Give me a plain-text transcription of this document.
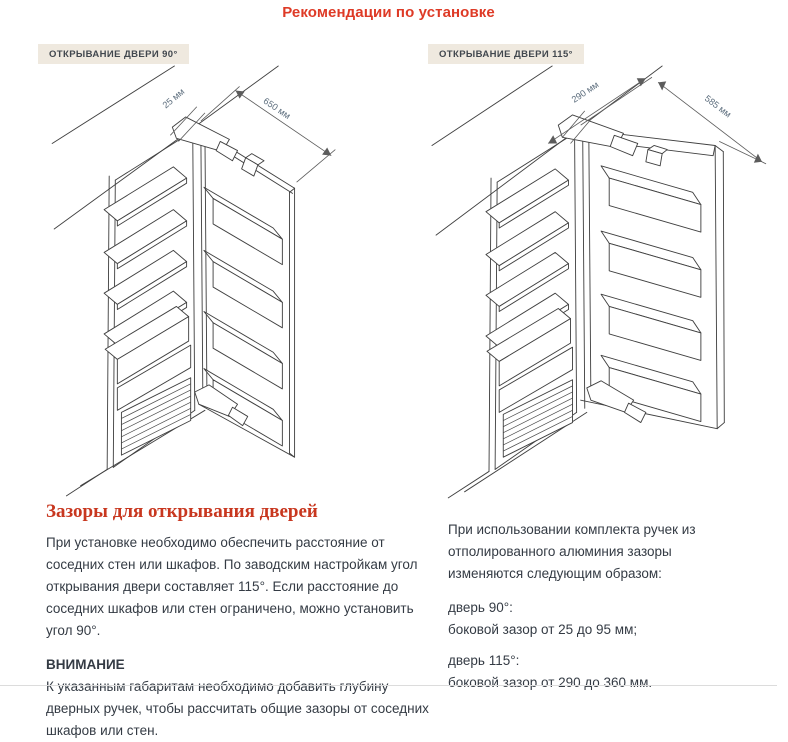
Рекомендации по установке
ОТКРЫВАНИЕ ДВЕРИ 90°	ОТКРЫВАНИЕ ДВЕРИ 115°
25 мм	650 мм
290 мм
585 мм
Зазоры для открывания дверей

При установке необходимо обеспечить расстояние от соседних стен или шкафов. По заводским настройкам угол открывания двери составляет 115°. Если расстояние до соседних шкафов или стен ограничено, можно установить угол 90°.

ВНИМАНИЕ

К указанным габаритам необходимо добавить глубину дверных ручек, чтобы рассчитать общие зазоры от соседних шкафов или стен.

При использовании комплекта ручек из отполированного алюминия зазоры изменяются следующим образом:

дверь 90°:
боковой зазор от 25 до 95 мм;
дверь 115°:
боковой зазор от 290 до 360 мм.
